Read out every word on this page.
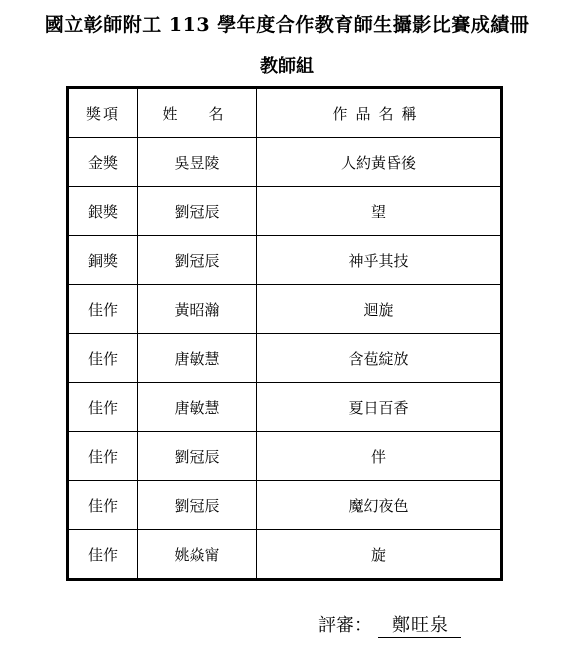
國立彰師附工 113 學年度合作教育師生攝影比賽成績冊
教師組
獎項	姓　名	作品名稱
金獎	吳昱陵	人約黃昏後
銀獎	劉冠辰	望
銅獎	劉冠辰	神乎其技
佳作	黃昭瀚	迴旋
佳作	唐敏慧	含苞綻放
佳作	唐敏慧	夏日百香
佳作	劉冠辰	伴
佳作	劉冠辰	魔幻夜色
佳作	姚焱甯	旋
評審： 鄭旺泉
